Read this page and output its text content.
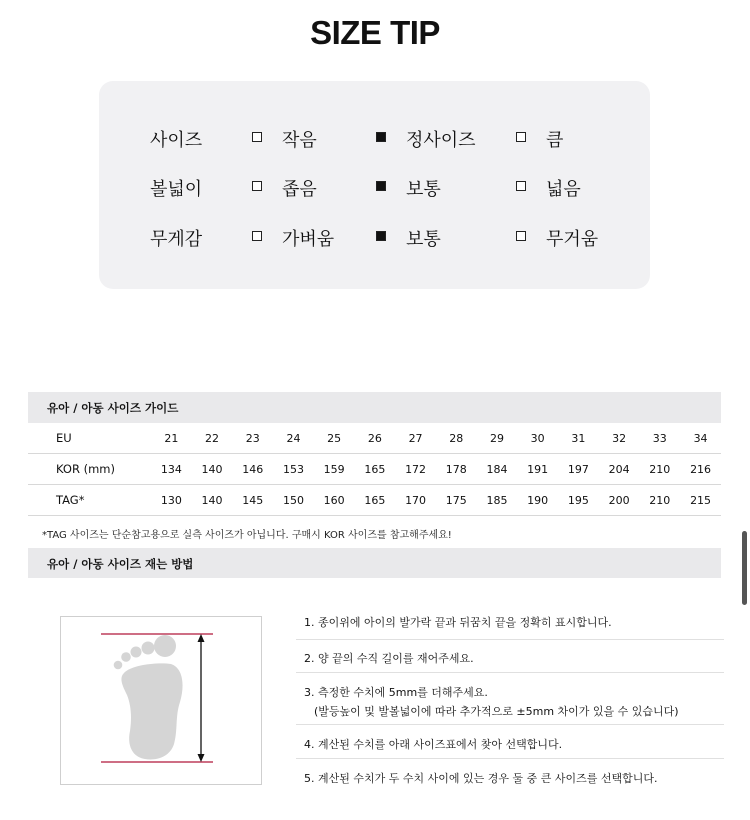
SIZE TIP
사이즈	작음	정사이즈	큼
볼넓이	좁음	보통	넓음
무게감	가벼움	보통	무거움
유아 / 아동 사이즈 가이드
EU	21	22	23	24	25	26	27	28	29	30	31	32	33	34
KOR (mm)	134	140	146	153	159	165	172	178	184	191	197	204	210	216
TAG*	130	140	145	150	160	165	170	175	185	190	195	200	210	215
*TAG 사이즈는 단순참고용으로 실측 사이즈가 아닙니다. 구매시 KOR 사이즈를 참고해주세요!
유아 / 아동 사이즈 재는 방법
1. 종이위에 아이의 발가락 끝과 뒤꿈치 끝을 정확히 표시합니다.
2. 양 끝의 수직 길이를 재어주세요.
3. 측정한 수치에 5mm를 더해주세요.
(발등높이 및 발볼넓이에 따라 추가적으로 ±5mm 차이가 있을 수 있습니다)
4. 계산된 수치를 아래 사이즈표에서 찾아 선택합니다.
5. 계산된 수치가 두 수치 사이에 있는 경우 둘 중 큰 사이즈를 선택합니다.
